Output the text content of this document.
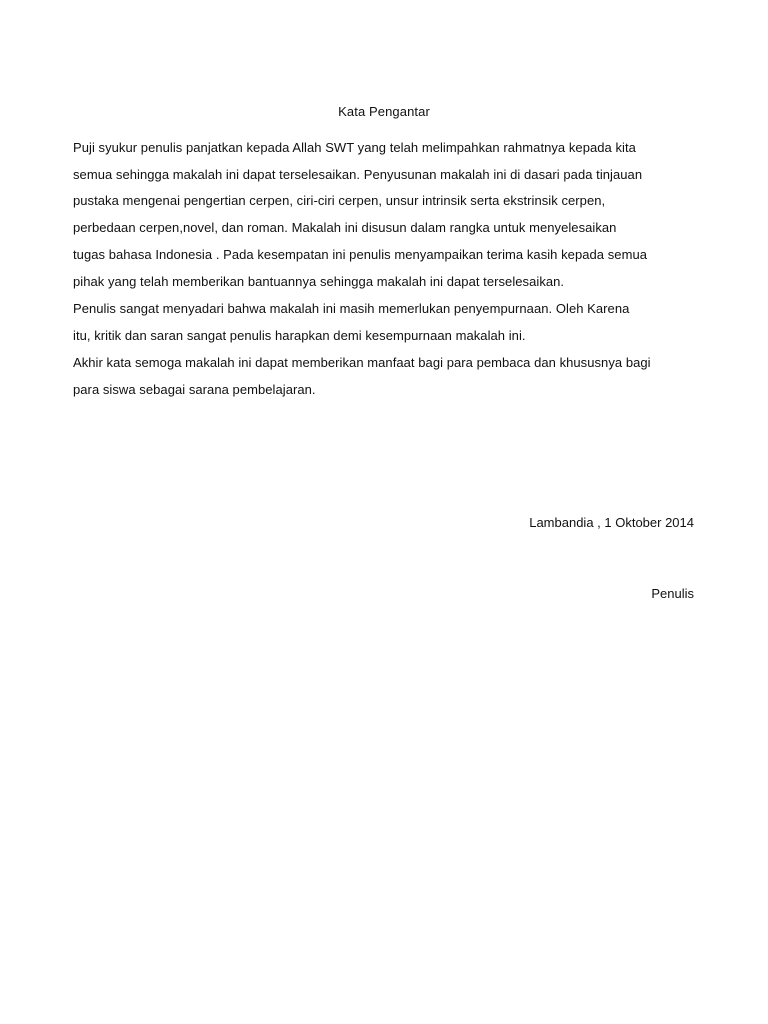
Kata Pengantar
Puji syukur penulis panjatkan kepada Allah SWT yang telah melimpahkan rahmatnya kepada kita
semua sehingga makalah ini dapat terselesaikan. Penyusunan makalah ini di dasari pada tinjauan
pustaka mengenai pengertian cerpen, ciri-ciri cerpen, unsur intrinsik serta ekstrinsik cerpen,
perbedaan cerpen,novel, dan roman. Makalah ini disusun dalam rangka untuk menyelesaikan
tugas bahasa Indonesia . Pada kesempatan ini penulis menyampaikan terima kasih kepada semua
pihak yang telah memberikan bantuannya sehingga makalah ini dapat terselesaikan.
Penulis sangat menyadari bahwa makalah ini masih memerlukan penyempurnaan. Oleh Karena
itu, kritik dan saran sangat penulis harapkan demi kesempurnaan makalah ini.
Akhir kata semoga makalah ini dapat memberikan manfaat bagi para pembaca dan khususnya bagi
para siswa sebagai sarana pembelajaran.
Lambandia , 1 Oktober 2014
Penulis
